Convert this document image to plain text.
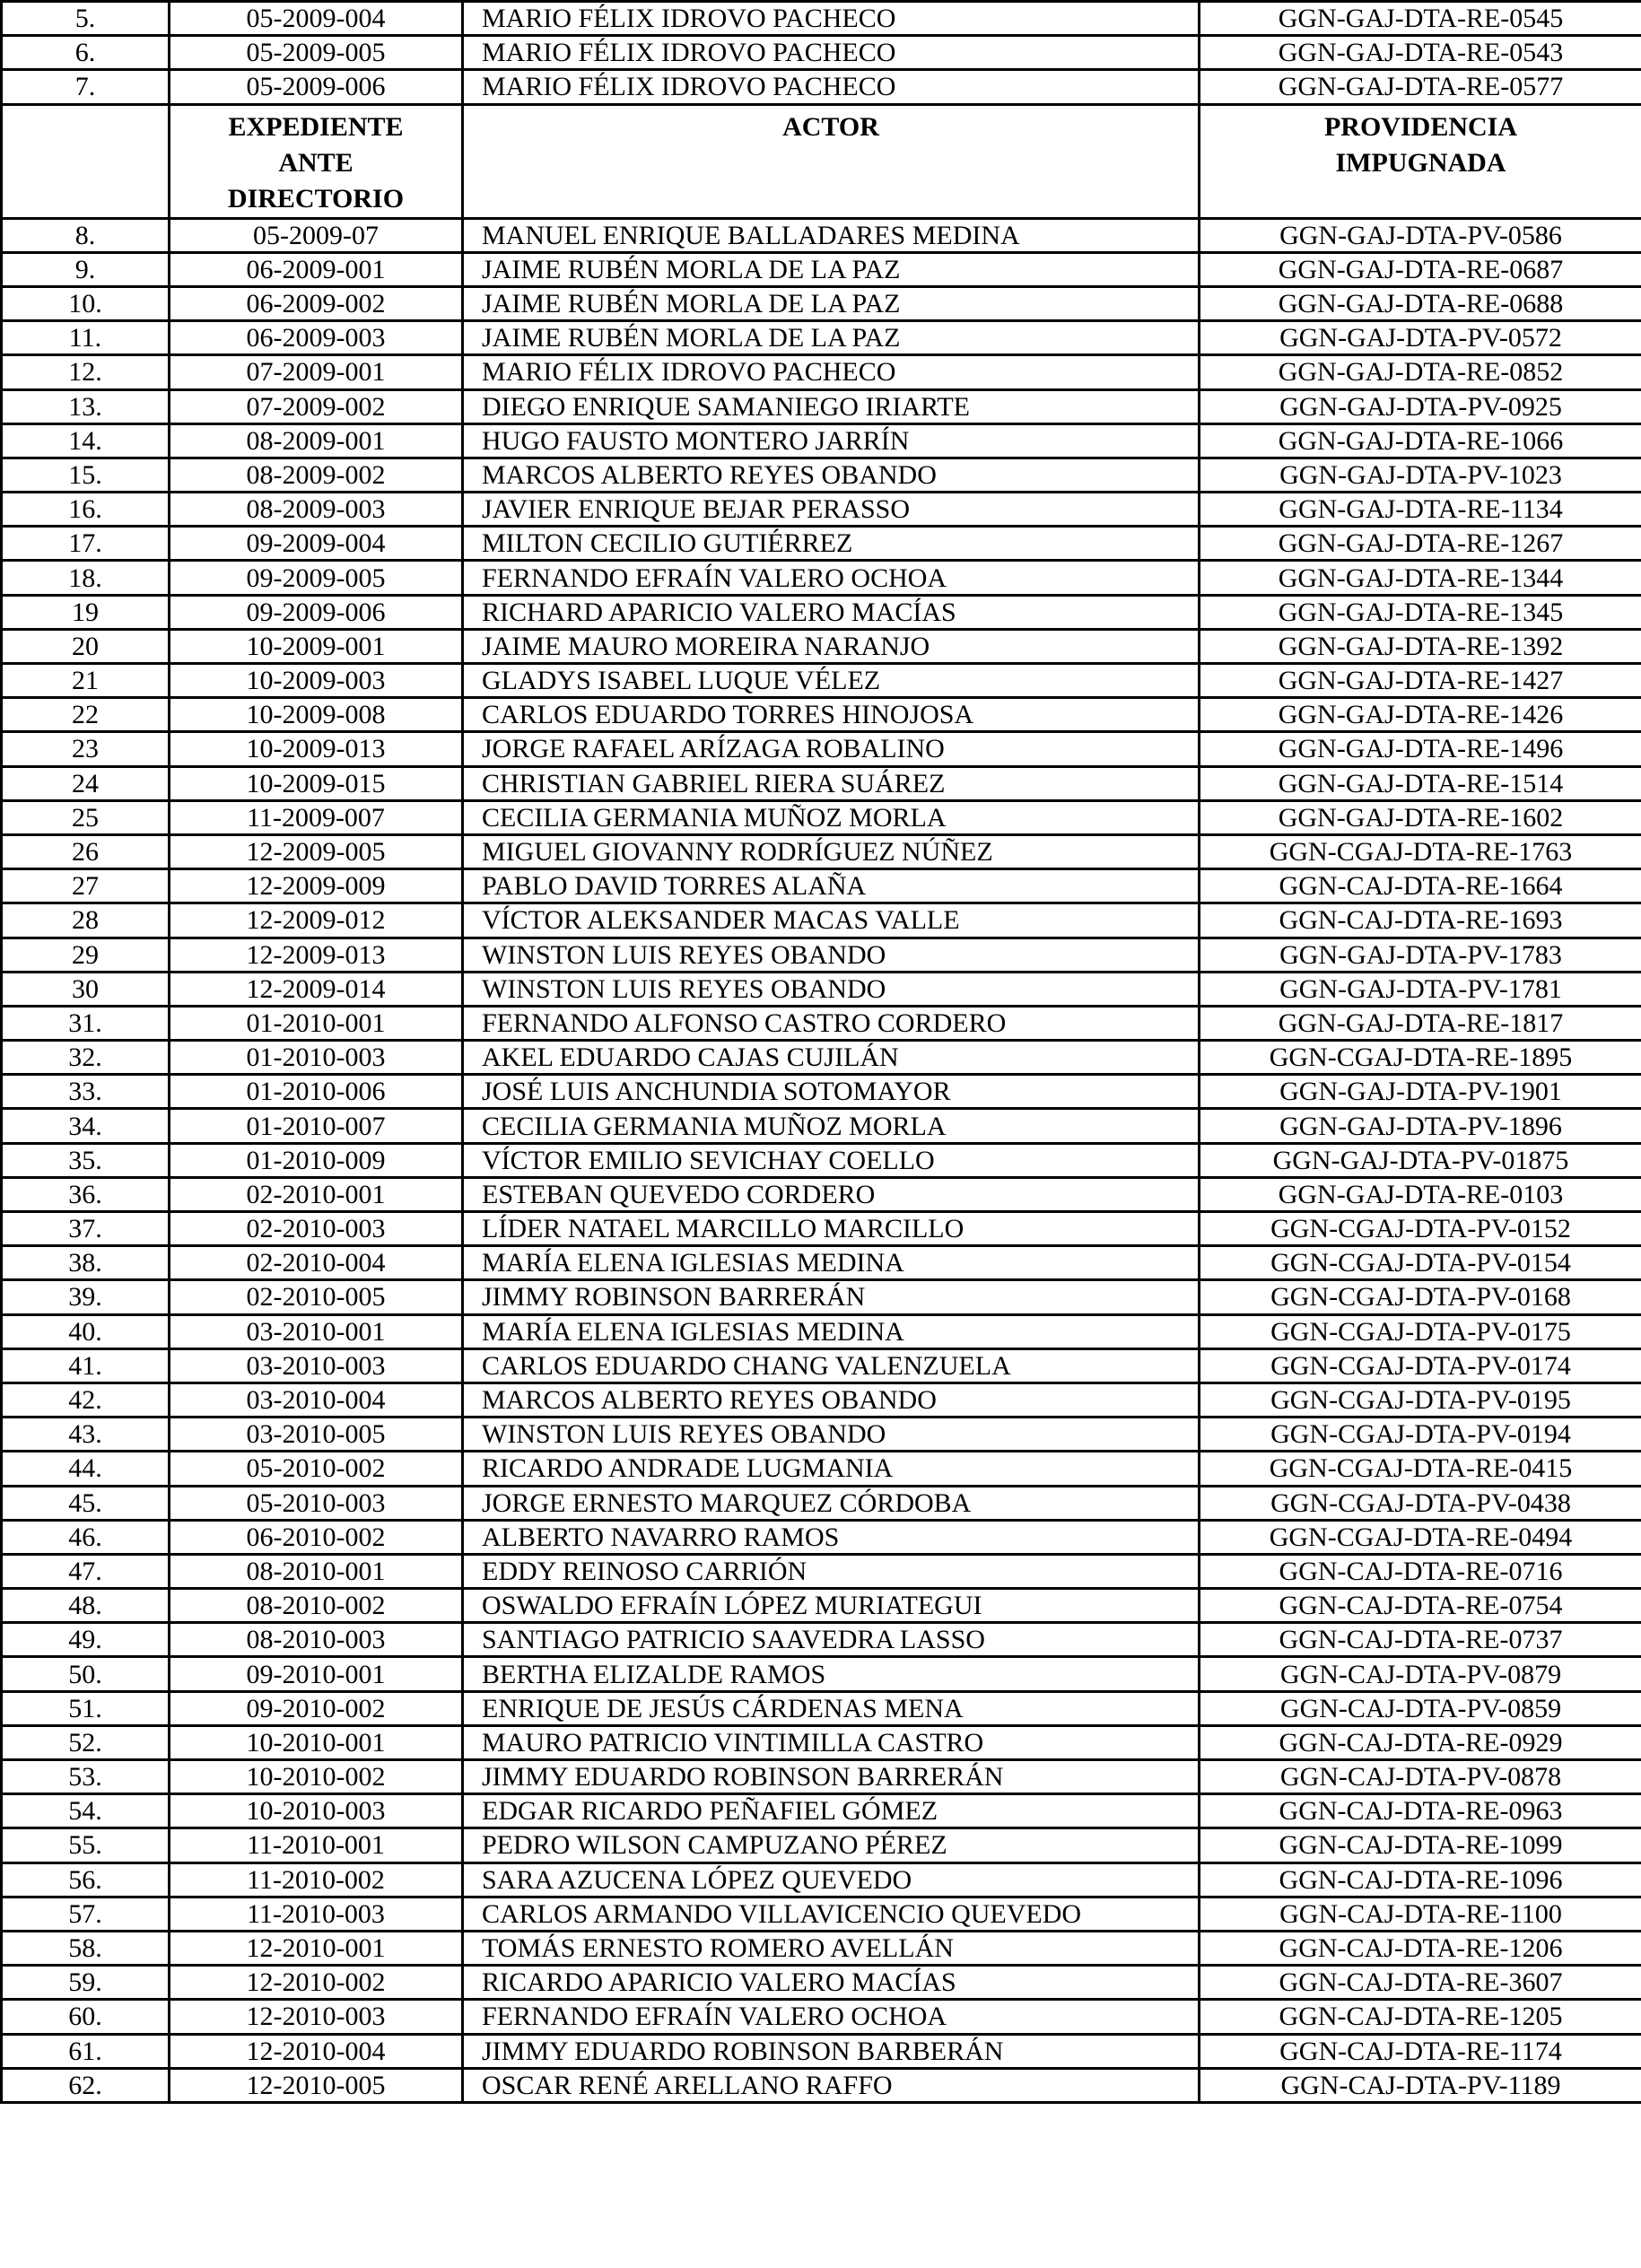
5.	05-2009-004	MARIO FÉLIX IDROVO PACHECO	GGN-GAJ-DTA-RE-0545
6.	05-2009-005	MARIO FÉLIX IDROVO PACHECO	GGN-GAJ-DTA-RE-0543
7.	05-2009-006	MARIO FÉLIX IDROVO PACHECO	GGN-GAJ-DTA-RE-0577
	EXPEDIENTE ANTE DIRECTORIO	ACTOR	PROVIDENCIA IMPUGNADA
8.	05-2009-07	MANUEL ENRIQUE BALLADARES MEDINA	GGN-GAJ-DTA-PV-0586
9.	06-2009-001	JAIME RUBÉN MORLA DE LA PAZ	GGN-GAJ-DTA-RE-0687
10.	06-2009-002	JAIME RUBÉN MORLA DE LA PAZ	GGN-GAJ-DTA-RE-0688
11.	06-2009-003	JAIME RUBÉN MORLA DE LA PAZ	GGN-GAJ-DTA-PV-0572
12.	07-2009-001	MARIO FÉLIX IDROVO PACHECO	GGN-GAJ-DTA-RE-0852
13.	07-2009-002	DIEGO ENRIQUE SAMANIEGO IRIARTE	GGN-GAJ-DTA-PV-0925
14.	08-2009-001	HUGO FAUSTO MONTERO JARRÍN	GGN-GAJ-DTA-RE-1066
15.	08-2009-002	MARCOS ALBERTO REYES OBANDO	GGN-GAJ-DTA-PV-1023
16.	08-2009-003	JAVIER ENRIQUE BEJAR PERASSO	GGN-GAJ-DTA-RE-1134
17.	09-2009-004	MILTON CECILIO GUTIÉRREZ	GGN-GAJ-DTA-RE-1267
18.	09-2009-005	FERNANDO EFRAÍN VALERO OCHOA	GGN-GAJ-DTA-RE-1344
19	09-2009-006	RICHARD APARICIO VALERO MACÍAS	GGN-GAJ-DTA-RE-1345
20	10-2009-001	JAIME MAURO MOREIRA NARANJO	GGN-GAJ-DTA-RE-1392
21	10-2009-003	GLADYS ISABEL LUQUE VÉLEZ	GGN-GAJ-DTA-RE-1427
22	10-2009-008	CARLOS EDUARDO TORRES HINOJOSA	GGN-GAJ-DTA-RE-1426
23	10-2009-013	JORGE RAFAEL ARÍZAGA ROBALINO	GGN-GAJ-DTA-RE-1496
24	10-2009-015	CHRISTIAN GABRIEL RIERA SUÁREZ	GGN-GAJ-DTA-RE-1514
25	11-2009-007	CECILIA GERMANIA MUÑOZ MORLA	GGN-GAJ-DTA-RE-1602
26	12-2009-005	MIGUEL GIOVANNY RODRÍGUEZ NÚÑEZ	GGN-CGAJ-DTA-RE-1763
27	12-2009-009	PABLO DAVID TORRES ALAÑA	GGN-CAJ-DTA-RE-1664
28	12-2009-012	VÍCTOR ALEKSANDER MACAS VALLE	GGN-CAJ-DTA-RE-1693
29	12-2009-013	WINSTON LUIS REYES OBANDO	GGN-GAJ-DTA-PV-1783
30	12-2009-014	WINSTON LUIS REYES OBANDO	GGN-GAJ-DTA-PV-1781
31.	01-2010-001	FERNANDO ALFONSO CASTRO CORDERO	GGN-GAJ-DTA-RE-1817
32.	01-2010-003	AKEL EDUARDO CAJAS CUJILÁN	GGN-CGAJ-DTA-RE-1895
33.	01-2010-006	JOSÉ LUIS ANCHUNDIA SOTOMAYOR	GGN-GAJ-DTA-PV-1901
34.	01-2010-007	CECILIA GERMANIA MUÑOZ MORLA	GGN-GAJ-DTA-PV-1896
35.	01-2010-009	VÍCTOR EMILIO SEVICHAY COELLO	GGN-GAJ-DTA-PV-01875
36.	02-2010-001	ESTEBAN QUEVEDO CORDERO	GGN-GAJ-DTA-RE-0103
37.	02-2010-003	LÍDER NATAEL MARCILLO MARCILLO	GGN-CGAJ-DTA-PV-0152
38.	02-2010-004	MARÍA ELENA IGLESIAS MEDINA	GGN-CGAJ-DTA-PV-0154
39.	02-2010-005	JIMMY ROBINSON BARRERÁN	GGN-CGAJ-DTA-PV-0168
40.	03-2010-001	MARÍA ELENA IGLESIAS MEDINA	GGN-CGAJ-DTA-PV-0175
41.	03-2010-003	CARLOS EDUARDO CHANG VALENZUELA	GGN-CGAJ-DTA-PV-0174
42.	03-2010-004	MARCOS ALBERTO REYES OBANDO	GGN-CGAJ-DTA-PV-0195
43.	03-2010-005	WINSTON LUIS REYES OBANDO	GGN-CGAJ-DTA-PV-0194
44.	05-2010-002	RICARDO ANDRADE LUGMANIA	GGN-CGAJ-DTA-RE-0415
45.	05-2010-003	JORGE ERNESTO MARQUEZ CÓRDOBA	GGN-CGAJ-DTA-PV-0438
46.	06-2010-002	ALBERTO NAVARRO RAMOS	GGN-CGAJ-DTA-RE-0494
47.	08-2010-001	EDDY REINOSO CARRIÓN	GGN-CAJ-DTA-RE-0716
48.	08-2010-002	OSWALDO EFRAÍN LÓPEZ MURIATEGUI	GGN-CAJ-DTA-RE-0754
49.	08-2010-003	SANTIAGO PATRICIO SAAVEDRA LASSO	GGN-CAJ-DTA-RE-0737
50.	09-2010-001	BERTHA ELIZALDE RAMOS	GGN-CAJ-DTA-PV-0879
51.	09-2010-002	ENRIQUE DE JESÚS CÁRDENAS MENA	GGN-CAJ-DTA-PV-0859
52.	10-2010-001	MAURO PATRICIO VINTIMILLA CASTRO	GGN-CAJ-DTA-RE-0929
53.	10-2010-002	JIMMY EDUARDO ROBINSON BARRERÁN	GGN-CAJ-DTA-PV-0878
54.	10-2010-003	EDGAR RICARDO PEÑAFIEL GÓMEZ	GGN-CAJ-DTA-RE-0963
55.	11-2010-001	PEDRO WILSON CAMPUZANO PÉREZ	GGN-CAJ-DTA-RE-1099
56.	11-2010-002	SARA AZUCENA LÓPEZ QUEVEDO	GGN-CAJ-DTA-RE-1096
57.	11-2010-003	CARLOS ARMANDO VILLAVICENCIO QUEVEDO	GGN-CAJ-DTA-RE-1100
58.	12-2010-001	TOMÁS ERNESTO ROMERO AVELLÁN	GGN-CAJ-DTA-RE-1206
59.	12-2010-002	RICARDO APARICIO VALERO MACÍAS	GGN-CAJ-DTA-RE-3607
60.	12-2010-003	FERNANDO EFRAÍN VALERO OCHOA	GGN-CAJ-DTA-RE-1205
61.	12-2010-004	JIMMY EDUARDO ROBINSON BARBERÁN	GGN-CAJ-DTA-RE-1174
62.	12-2010-005	OSCAR RENÉ ARELLANO RAFFO	GGN-CAJ-DTA-PV-1189
